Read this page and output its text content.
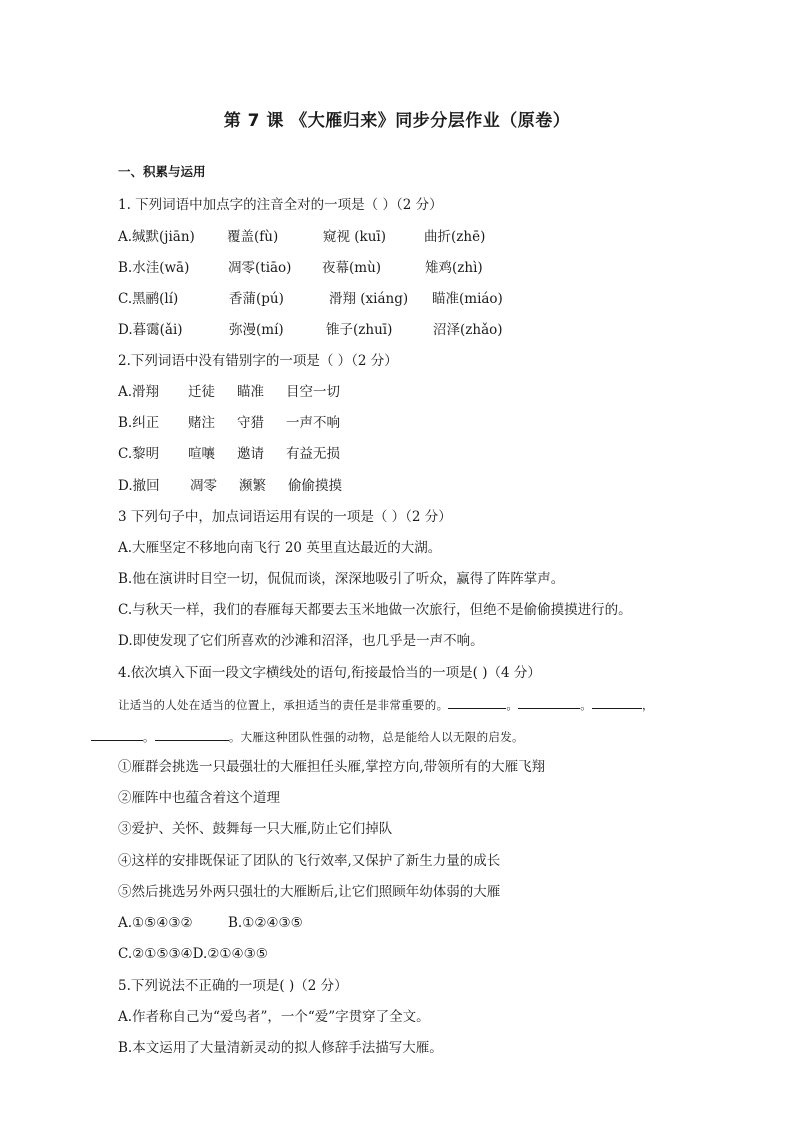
第 7 课 《大雁归来》同步分层作业（原卷）
一、积累与运用
1. 下列词语中加点字的注音全对的一项是（ ）（2 分）
A.缄默(jiān) 覆盖(fù)	窥视 (kuī)	曲折(zhē)
B.水洼(wā)	凋零(tiāo) 夜幕(mù)	雉鸡(zhì)
C.黑鹂(lí)	香蒲(pú)	滑翔 (xiáng) 瞄准(miáo)
D.暮霭(ǎi)	弥漫(mí)	锥子(zhuī)	沼泽(zhǎo)
2.下列词语中没有错别字的一项是（ ）（2 分）
A.滑翔 迁徒 瞄准 目空一切
B.纠正 赌注 守猎 一声不响
C.黎明 喧嚷 邀请 有益无损
D.撤回 凋零 濒繁 偷偷摸摸
3 下列句子中，加点词语运用有误的一项是（ ）（2 分）
A.大雁坚定不移地向南飞行 20 英里直达最近的大湖。
B.他在演讲时目空一切，侃侃而谈，深深地吸引了听众，赢得了阵阵掌声。
C.与秋天一样，我们的春雁每天都要去玉米地做一次旅行，但绝不是偷偷摸摸进行的。
D.即使发现了它们所喜欢的沙滩和沼泽，也几乎是一声不响。
4.依次填入下面一段文字横线处的语句,衔接最恰当的一项是( )（4 分）
让适当的人处在适当的位置上，承担适当的责任是非常重要的。	。	。	，
。	。大雁这种团队性强的动物，总是能给人以无限的启发。
①雁群会挑选一只最强壮的大雁担任头雁,掌控方向,带领所有的大雁飞翔
②雁阵中也蕴含着这个道理
③爱护、关怀、鼓舞每一只大雁,防止它们掉队
④这样的安排既保证了团队的飞行效率,又保护了新生力量的成长
⑤然后挑选另外两只强壮的大雁断后,让它们照顾年幼体弱的大雁
A.①⑤④③②	B.①②④③⑤
C.②①⑤③④D.②①④③⑤
5.下列说法不正确的一项是( )（2 分）
A.作者称自己为“爱鸟者”，一个“爱”字贯穿了全文。
B.本文运用了大量清新灵动的拟人修辞手法描写大雁。
